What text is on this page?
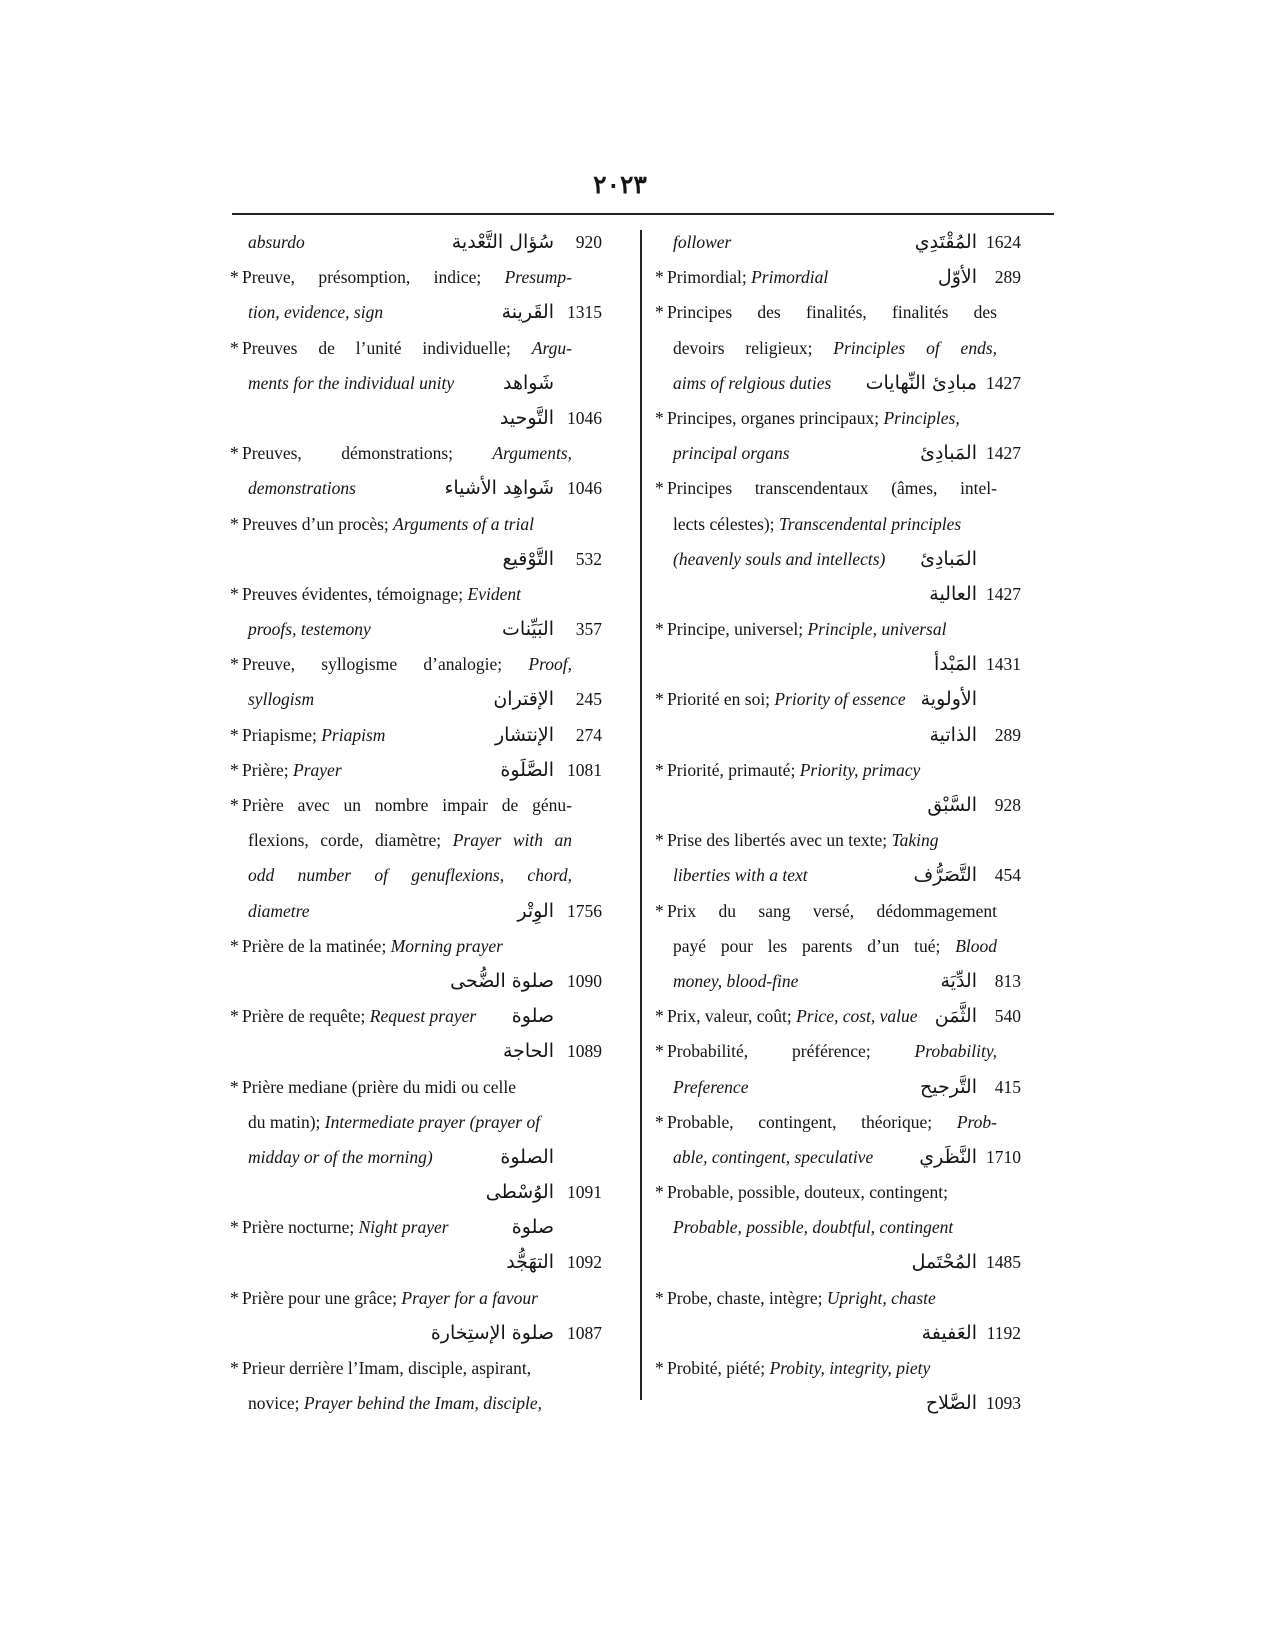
٢٠٢٣
absurdo	سُؤال التَّعْدية	920
* Preuve, présomption, indice; Presump-
tion, evidence, sign	القَرينة 1315
* Preuves de l’unité individuelle; Argu-
ments for the individual unity	شَواهد
التَّوحيد 1046
* Preuves, démonstrations; Arguments,
demonstrations	شَواهِد الأشياء 1046
* Preuves d’un procès; Arguments of a trial
التَّوْقيع	532
* Preuves évidentes, témoignage; Evident
proofs, testemony	البَيِّنات	357
* Preuve, syllogisme d’analogie; Proof,
syllogism	الإقتران	245
* Priapisme; Priapism	الإنتشار	274
* Prière; Prayer	الصَّلَوة 1081
* Prière avec un nombre impair de génu-
flexions, corde, diamètre; Prayer with an
odd number of genuflexions, chord,
diametre	الوِتْر 1756
* Prière de la matinée; Morning prayer
صلوة الضُّحى 1090
* Prière de requête; Request prayer صلوة
الحاجة 1089
* Prière mediane (prière du midi ou celle
du matin); Intermediate prayer (prayer of
midday or of the morning)	الصلوة
الوُسْطى 1091
* Prière nocturne; Night prayer	صلوة
التهَجُّد 1092
* Prière pour une grâce; Prayer for a favour
صلوة الإستِخارة 1087
* Prieur derrière l’Imam, disciple, aspirant,
novice; Prayer behind the Imam, disciple,
follower	المُقْتَدِي 1624
* Primordial; Primordial	الأوّل	289
* Principes des finalités, finalités des
devoirs religieux; Principles of ends,
aims of relgious duties مبادِئ النِّهايات 1427
* Principes, organes principaux; Principles,
principal organs	المَبادِئ 1427
* Principes transcendentaux (âmes, intel-
lects célestes); Transcendental principles
(heavenly souls and intellects) المَبادِئ
العالية 1427
* Principe, universel; Principle, universal
المَبْدأ 1431
* Priorité en soi; Priority of essence الأولوية
الذاتية	289
* Priorité, primauté; Priority, primacy
السَّبْق	928
* Prise des libertés avec un texte; Taking
liberties with a text	التَّصَرُّف	454
* Prix du sang versé, dédommagement
payé pour les parents d’un tué; Blood
money, blood-fine	الدِّيَة	813
* Prix, valeur, coût; Price, cost, value الثَّمَن	540
* Probabilité, préférence; Probability,
Preference	التَّرجيح	415
* Probable, contingent, théorique; Prob-
able, contingent, speculative النَّظَري 1710
* Probable, possible, douteux, contingent;
Probable, possible, doubtful, contingent
المُحْتَمل 1485
* Probe, chaste, intègre; Upright, chaste
العَفيفة 1192
* Probité, piété; Probity, integrity, piety
الصَّلاح 1093
